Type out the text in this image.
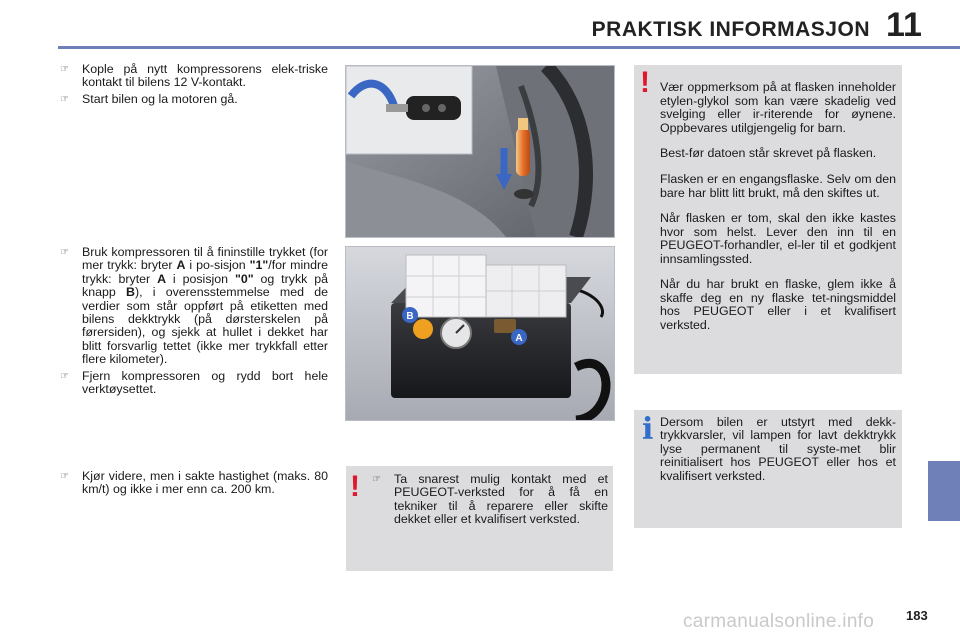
PRAKTISK INFORMASJON 11
☞ Kople på nytt kompressorens elek-triske kontakt til bilens 12 V-kontakt.
☞ Start bilen og la motoren gå.
☞ Bruk kompressoren til å fininstille trykket (for mer trykk: bryter A i po-sisjon "1"/for mindre trykk: bryter A i posisjon "0" og trykk på knapp B), i overensstemmelse med de verdier som står oppført på etiketten med bilens dekktrykk (på dørsterskelen på førersiden), og sjekk at hullet i dekket har blitt forsvarlig tettet (ikke mer trykkfall etter flere kilometer).
☞ Fjern kompressoren og rydd bort hele verktøysettet.
☞ Kjør videre, men i sakte hastighet (maks. 80 km/t) og ikke i mer enn ca. 200 km.
B
A
! ☞ Ta snarest mulig kontakt med et PEUGEOT-verksted for å få en tekniker til å reparere eller skifte dekket eller et kvalifisert verksted.
! Vær oppmerksom på at flasken inneholder etylen-glykol som kan være skadelig ved svelging eller ir-riterende for øynene. Oppbevares utilgjengelig for barn.

Best-før datoen står skrevet på flasken.

Flasken er en engangsflaske. Selv om den bare har blitt litt brukt, må den skiftes ut.

Når flasken er tom, skal den ikke kastes hvor som helst. Lever den inn til en PEUGEOT-forhandler, el-ler til et godkjent innsamlingssted.

Når du har brukt en flaske, glem ikke å skaffe deg en ny flaske tet-ningsmiddel hos PEUGEOT eller i et kvalifisert verksted.

i Dersom bilen er utstyrt med dekk-trykkvarsler, vil lampen for lavt dekktrykk lyse permanent til syste-met blir reinitialisert hos PEUGEOT eller hos et kvalifisert verksted.
183
carmanualsonline.info
